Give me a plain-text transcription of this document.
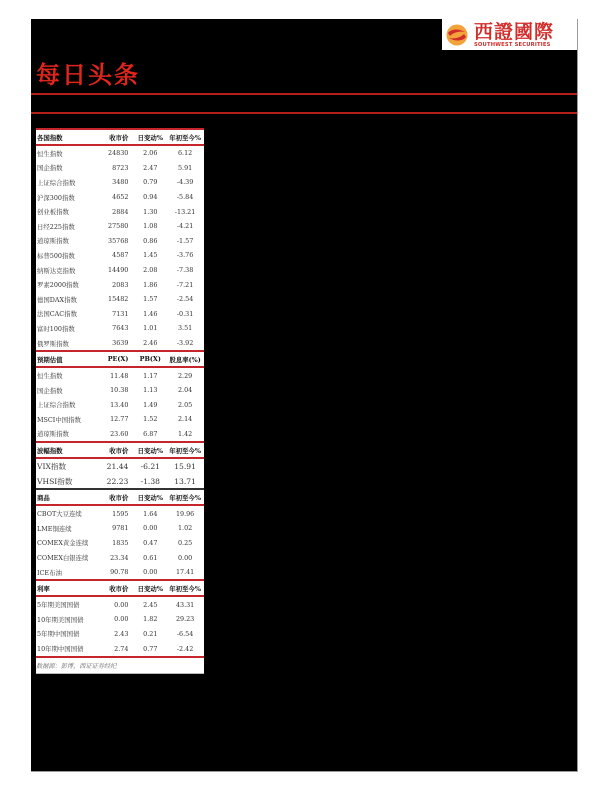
西證國際
SOUTHWEST SECURITIES
每日头条
各国指数	收市价	日变动%	年初至今%
恒生指数	24830	2.06	6.12
国企指数	8723	2.47	5.91
上证综合指数	3480	0.79	-4.39
沪深300指数	4652	0.94	-5.84
创业板指数	2884	1.30	-13.21
日经225指数	27580	1.08	-4.21
道琼斯指数	35768	0.86	-1.57
标普500指数	4587	1.45	-3.76
纳斯达克指数	14490	2.08	-7.38
罗素2000指数	2083	1.86	-7.21
德国DAX指数	15482	1.57	-2.54
法国CAC指数	7131	1.46	-0.31
富时100指数	7643	1.01	3.51
俄罗斯指数	3639	2.46	-3.92
预期估值	PE(X)	PB(X)	股息率(%)
恒生指数	11.48	1.17	2.29
国企指数	10.38	1.13	2.04
上证综合指数	13.40	1.49	2.05
MSCI中国指数	12.77	1.52	2.14
道琼斯指数	23.60	6.87	1.42
波幅指数	收市价	日变动%	年初至今%
VIX指数	21.44	-6.21	15.91
VHSI指数	22.23	-1.38	13.71
商品	收市价	日变动%	年初至今%
CBOT大豆连续	1595	1.64	19.96
LME铜连续	9781	0.00	1.02
COMEX黄金连续	1835	0.47	0.25
COMEX白银连续	23.34	0.61	0.00
ICE布油	90.78	0.00	17.41
利率	收市价	日变动%	年初至今%
5年期美国国债	0.00	2.45	43.31
10年期美国国债	0.00	1.82	29.23
5年期中国国债	2.43	0.21	-6.54
10年期中国国债	2.74	0.77	-2.42
数据源：彭博，西证证券经纪			
